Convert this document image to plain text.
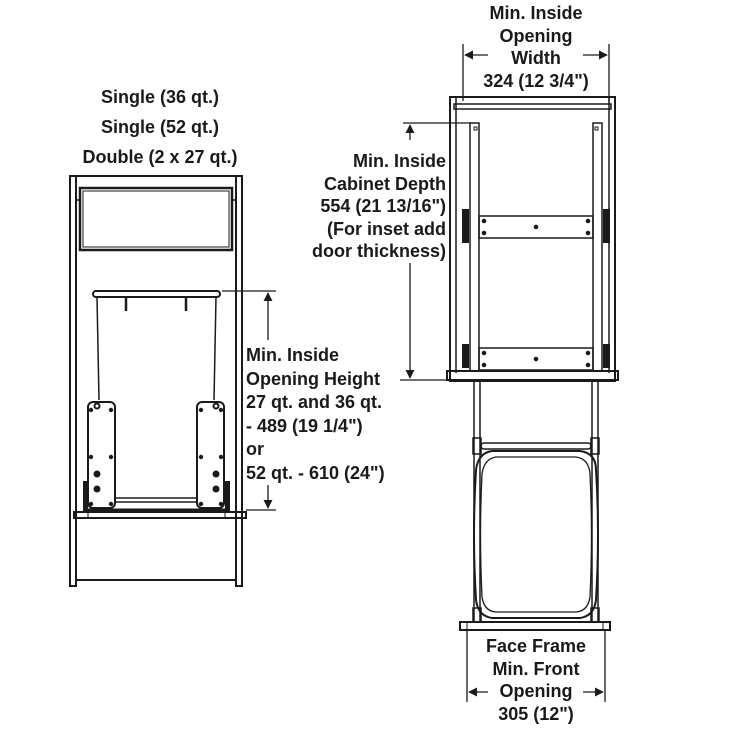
Single (36 qt.)
Single (52 qt.)
Double (2 x 27 qt.)
Min. Inside
Opening Height
27 qt. and 36 qt.
- 489 (19 1/4")
or
52 qt. - 610 (24")
Min. Inside
Opening
Width
324 (12 3/4")
Min. Inside
Cabinet Depth
554 (21 13/16")
(For inset add
door thickness)
Face Frame
Min. Front
Opening
305 (12")
